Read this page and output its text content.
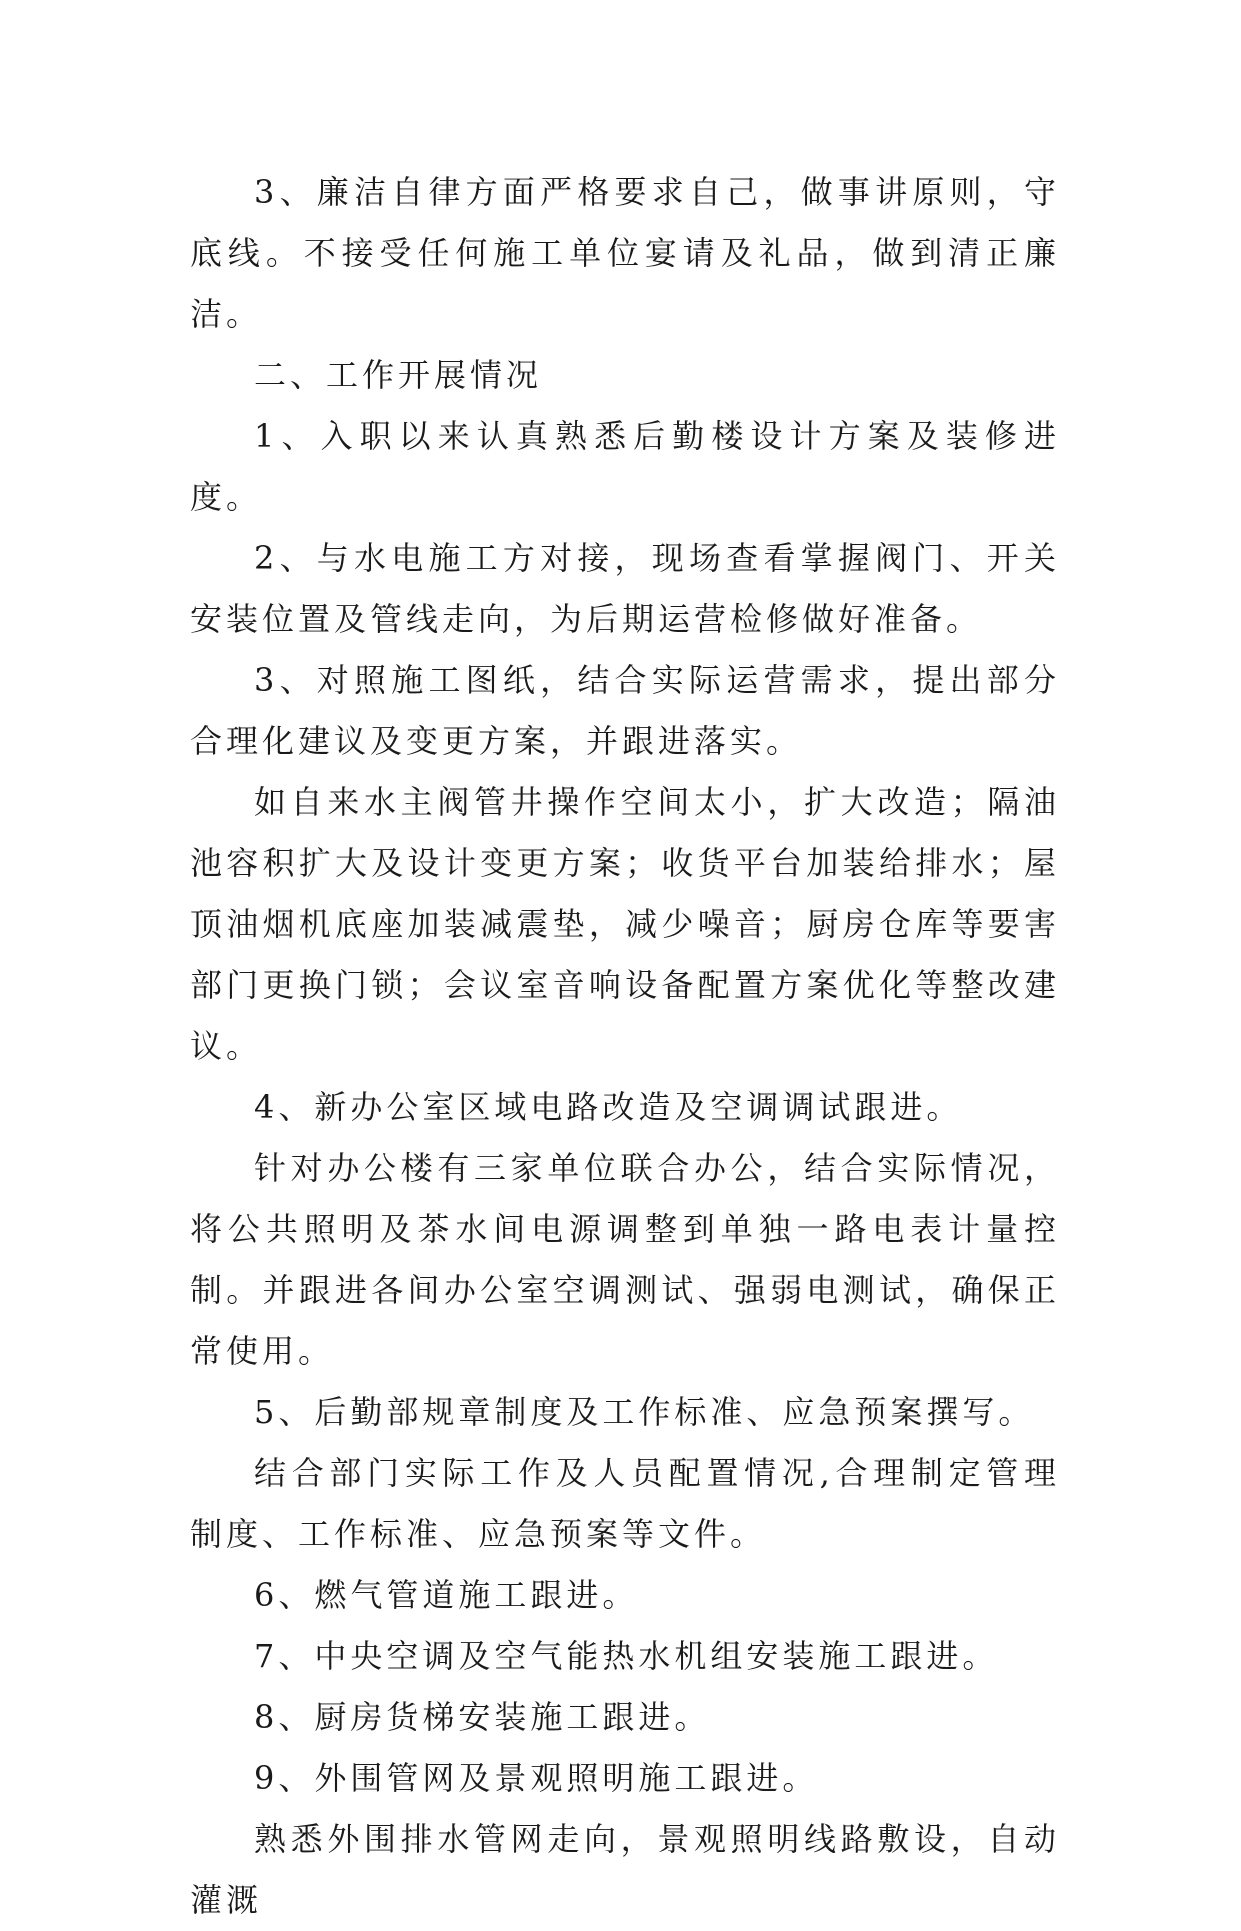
3、廉洁自律方面严格要求自己，做事讲原则，守底线。不接受任何施工单位宴请及礼品，做到清正廉洁。

二、工作开展情况

1、入职以来认真熟悉后勤楼设计方案及装修进度。

2、与水电施工方对接，现场查看掌握阀门、开关安装位置及管线走向，为后期运营检修做好准备。

3、对照施工图纸，结合实际运营需求，提出部分合理化建议及变更方案，并跟进落实。

如自来水主阀管井操作空间太小，扩大改造；隔油池容积扩大及设计变更方案；收货平台加装给排水；屋顶油烟机底座加装减震垫，减少噪音；厨房仓库等要害部门更换门锁；会议室音响设备配置方案优化等整改建议。

4、新办公室区域电路改造及空调调试跟进。

针对办公楼有三家单位联合办公，结合实际情况，将公共照明及茶水间电源调整到单独一路电表计量控制。并跟进各间办公室空调测试、强弱电测试，确保正常使用。

5、后勤部规章制度及工作标准、应急预案撰写。

结合部门实际工作及人员配置情况,合理制定管理制度、工作标准、应急预案等文件。

6、燃气管道施工跟进。

7、中央空调及空气能热水机组安装施工跟进。

8、厨房货梯安装施工跟进。

9、外围管网及景观照明施工跟进。

熟悉外围排水管网走向，景观照明线路敷设，自动灌溉
